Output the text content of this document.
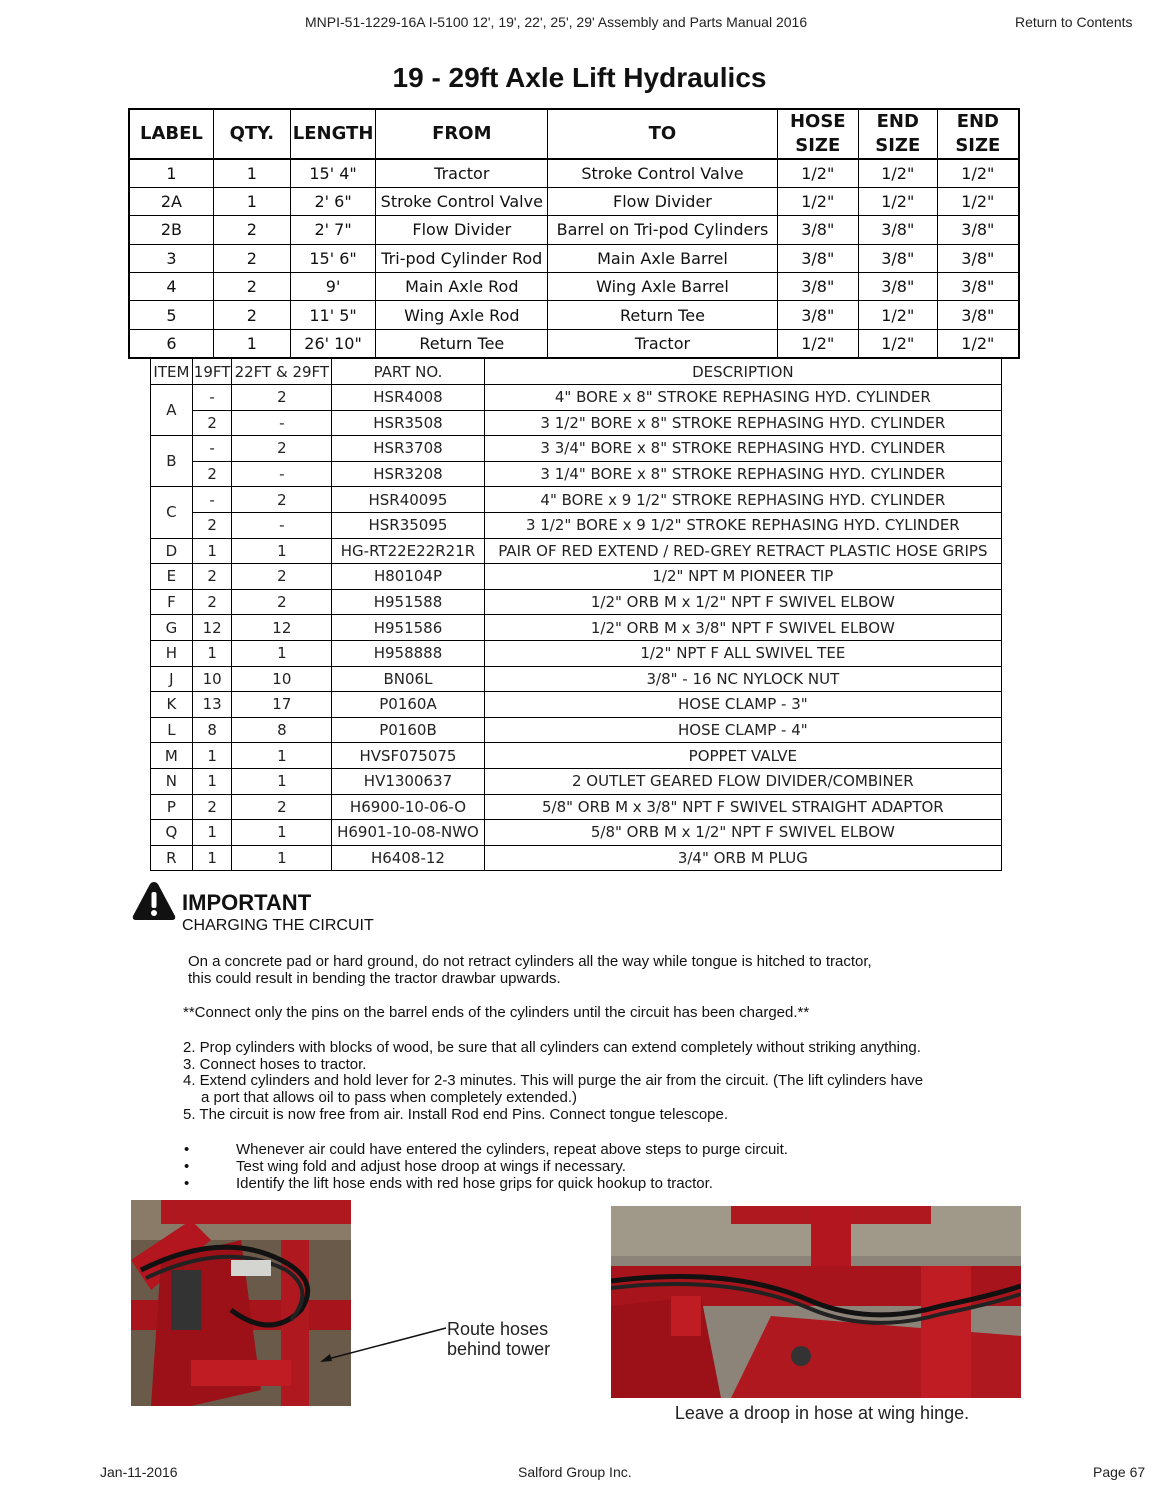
MNPI-51-1229-16A I-5100 12', 19', 22', 25', 29' Assembly and Parts Manual 2016	Return to Contents
19 - 29ft Axle Lift Hydraulics
LABEL	QTY.	LENGTH	FROM	TO	HOSE SIZE	END SIZE	END SIZE
1	1	15' 4"	Tractor	Stroke Control Valve	1/2"	1/2"	1/2"
2A	1	2' 6"	Stroke Control Valve	Flow Divider	1/2"	1/2"	1/2"
2B	2	2' 7"	Flow Divider	Barrel on Tri-pod Cylinders	3/8"	3/8"	3/8"
3	2	15' 6"	Tri-pod Cylinder Rod	Main Axle Barrel	3/8"	3/8"	3/8"
4	2	9'	Main Axle Rod	Wing Axle Barrel	3/8"	3/8"	3/8"
5	2	11' 5"	Wing Axle Rod	Return Tee	3/8"	1/2"	3/8"
6	1	26' 10"	Return Tee	Tractor	1/2"	1/2"	1/2"
ITEM	19FT	22FT & 29FT	PART NO.	DESCRIPTION
A	-	2	HSR4008	4" BORE x 8" STROKE REPHASING HYD. CYLINDER
	2	-	HSR3508	3 1/2" BORE x 8" STROKE REPHASING HYD. CYLINDER
B	-	2	HSR3708	3 3/4" BORE x 8" STROKE REPHASING HYD. CYLINDER
	2	-	HSR3208	3 1/4" BORE x 8" STROKE REPHASING HYD. CYLINDER
C	-	2	HSR40095	4" BORE x 9 1/2" STROKE REPHASING HYD. CYLINDER
	2	-	HSR35095	3 1/2" BORE x 9 1/2" STROKE REPHASING HYD. CYLINDER
D	1	1	HG-RT22E22R21R	PAIR OF RED EXTEND / RED-GREY RETRACT PLASTIC HOSE GRIPS
E	2	2	H80104P	1/2" NPT M PIONEER TIP
F	2	2	H951588	1/2" ORB M x 1/2" NPT F SWIVEL ELBOW
G	12	12	H951586	1/2" ORB M x 3/8" NPT F SWIVEL ELBOW
H	1	1	H958888	1/2" NPT F ALL SWIVEL TEE
J	10	10	BN06L	3/8" - 16 NC NYLOCK NUT
K	13	17	P0160A	HOSE CLAMP - 3"
L	8	8	P0160B	HOSE CLAMP - 4"
M	1	1	HVSF075075	POPPET VALVE
N	1	1	HV1300637	2 OUTLET GEARED FLOW DIVIDER/COMBINER
P	2	2	H6900-10-06-O	5/8" ORB M x 3/8" NPT F SWIVEL STRAIGHT ADAPTOR
Q	1	1	H6901-10-08-NWO	5/8" ORB M x 1/2" NPT F SWIVEL ELBOW
R	1	1	H6408-12	3/4" ORB M PLUG
IMPORTANT
CHARGING THE CIRCUIT
On a concrete pad or hard ground, do not retract cylinders all the way while tongue is hitched to tractor,
this could result in bending the tractor drawbar upwards.
**Connect only the pins on the barrel ends of the cylinders until the circuit has been charged.**
2. Prop cylinders with blocks of wood, be sure that all cylinders can extend completely without striking anything.
3. Connect hoses to tractor.
4. Extend cylinders and hold lever for 2-3 minutes. This will purge the air from the circuit. (The lift cylinders have
a port that allows oil to pass when completely extended.)
5. The circuit is now free from air. Install Rod end Pins. Connect tongue telescope.
•	Whenever air could have entered the cylinders, repeat above steps to purge circuit.
•	Test wing fold and adjust hose droop at wings if necessary.
•	Identify the lift hose ends with red hose grips for quick hookup to tractor.
Route hoses
behind tower
Leave a droop in hose at wing hinge.
Jan-11-2016	Salford Group Inc.	Page 67
